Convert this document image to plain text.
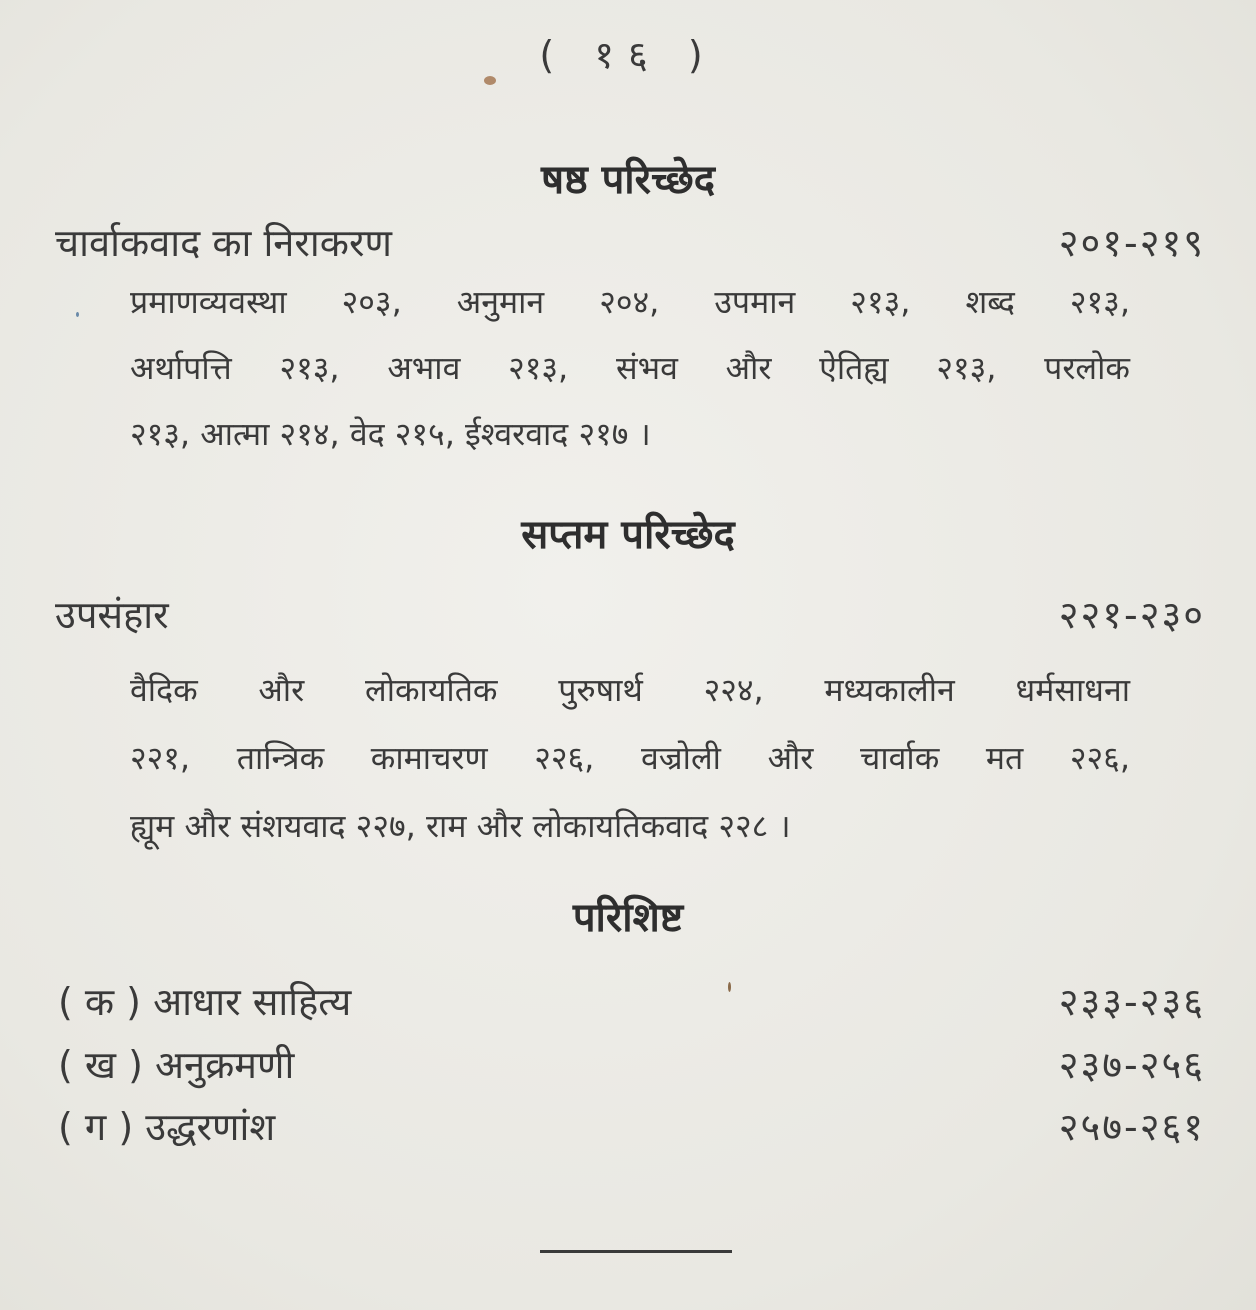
( १६ )
षष्ठ परिच्छेद
चार्वाकवाद का निराकरण	२०१-२१९
प्रमाणव्यवस्था २०३, अनुमान २०४, उपमान २१३, शब्द २१३,
अर्थापत्ति २१३, अभाव २१३, संभव और ऐतिह्य २१३, परलोक
२१३, आत्मा २१४, वेद २१५, ईश्वरवाद २१७ ।
सप्तम परिच्छेद
उपसंहार	२२१-२३०
वैदिक और लोकायतिक पुरुषार्थ २२४, मध्यकालीन धर्मसाधना
२२१, तान्त्रिक कामाचरण २२६, वज्रोली और चार्वाक मत २२६,
ह्यूम और संशयवाद २२७, राम और लोकायतिकवाद २२८ ।
परिशिष्ट
( क ) आधार साहित्य	२३३-२३६
( ख ) अनुक्रमणी	२३७-२५६
( ग ) उद्धरणांश	२५७-२६१
